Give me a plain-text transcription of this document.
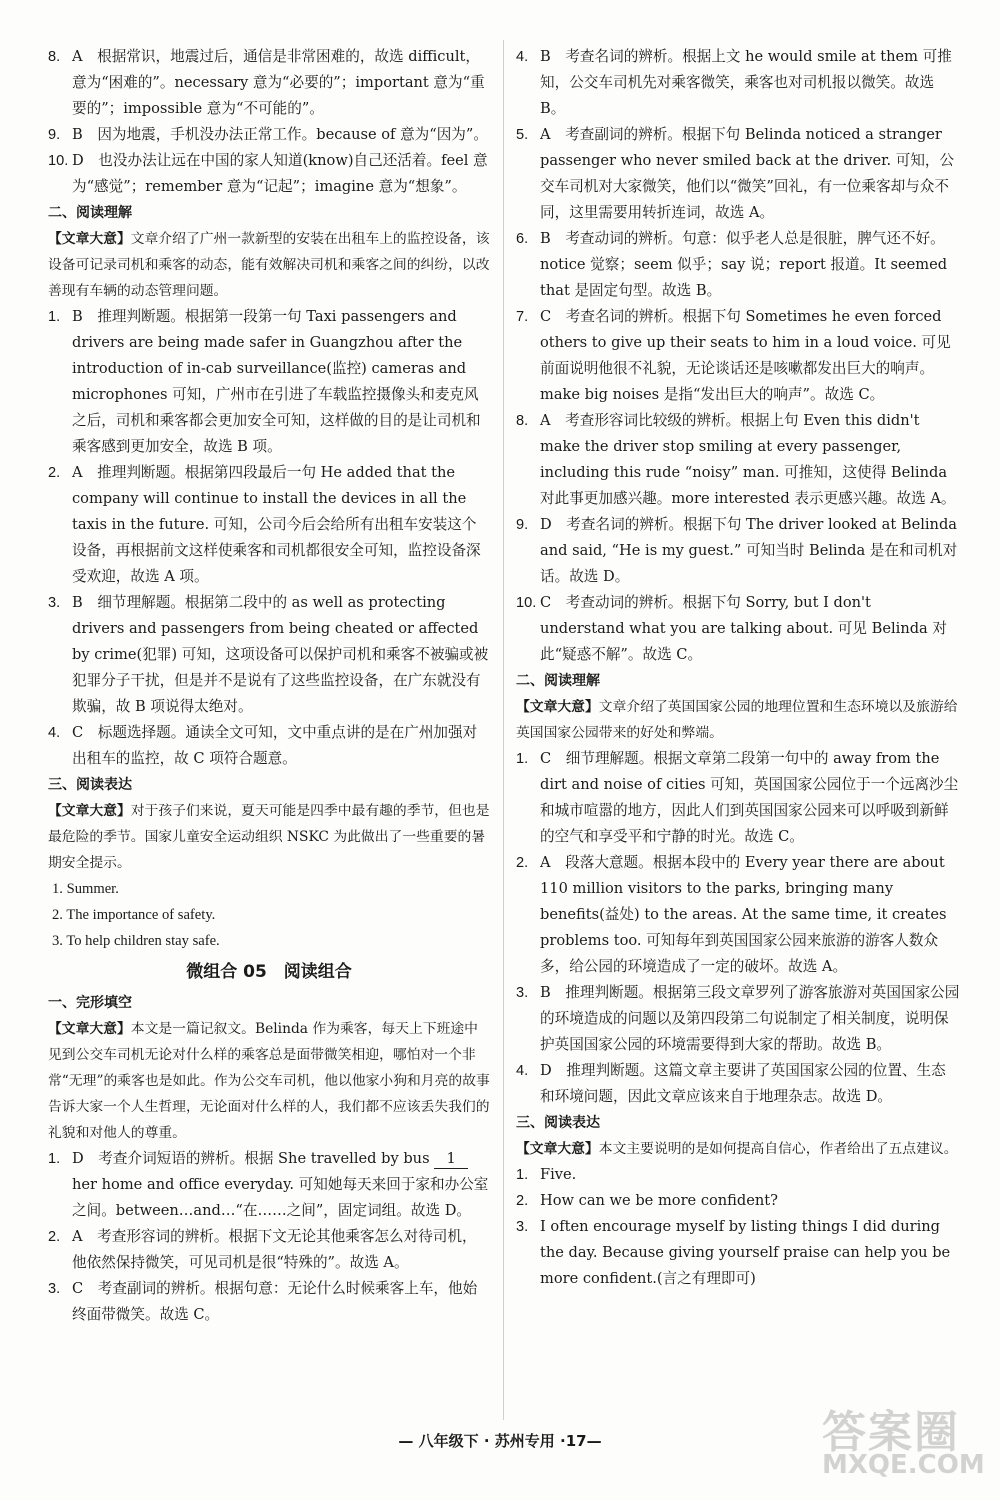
8. A　根据常识，地震过后，通信是非常困难的，故选 difficult，意为“困难的”。necessary 意为“必要的”；important 意为“重要的”；impossible 意为“不可能的”。

9. B　因为地震，手机没办法正常工作。because of 意为“因为”。

10. D　也没办法让远在中国的家人知道(know)自己还活着。feel 意为“感觉”；remember 意为“记起”；imagine 意为“想象”。

二、阅读理解

【文章大意】文章介绍了广州一款新型的安装在出租车上的监控设备，该设备可记录司机和乘客的动态，能有效解决司机和乘客之间的纠纷，以改善现有车辆的动态管理问题。

1. B　推理判断题。根据第一段第一句 Taxi passengers and drivers are being made safer in Guangzhou after the introduction of in-cab surveillance(监控) cameras and microphones 可知，广州市在引进了车载监控摄像头和麦克风之后，司机和乘客都会更加安全可知，这样做的目的是让司机和乘客感到更加安全，故选 B 项。

2. A　推理判断题。根据第四段最后一句 He added that the company will continue to install the devices in all the taxis in the future. 可知，公司今后会给所有出租车安装这个设备，再根据前文这样使乘客和司机都很安全可知，监控设备深受欢迎，故选 A 项。

3. B　细节理解题。根据第二段中的 as well as protecting drivers and passengers from being cheated or affected by crime(犯罪) 可知，这项设备可以保护司机和乘客不被骗或被犯罪分子干扰，但是并不是说有了这些监控设备，在广东就没有欺骗，故 B 项说得太绝对。

4. C　标题选择题。通读全文可知，文中重点讲的是在广州加强对出租车的监控，故 C 项符合题意。

三、阅读表达

【文章大意】对于孩子们来说，夏天可能是四季中最有趣的季节，但也是最危险的季节。国家儿童安全运动组织 NSKC 为此做出了一些重要的暑期安全提示。

1. Summer.

2. The importance of safety.

3. To help children stay safe.

微组合 05　阅读组合

一、完形填空

【文章大意】本文是一篇记叙文。Belinda 作为乘客，每天上下班途中见到公交车司机无论对什么样的乘客总是面带微笑相迎，哪怕对一个非常“无理”的乘客也是如此。作为公交车司机，他以他家小狗和月亮的故事告诉大家一个人生哲理，无论面对什么样的人，我们都不应该丢失我们的礼貌和对他人的尊重。

1. D　考查介词短语的辨析。根据 She travelled by bus 1 her home and office everyday. 可知她每天来回于家和办公室之间。between…and…“在……之间”，固定词组。故选 D。

2. A　考查形容词的辨析。根据下文无论其他乘客怎么对待司机，他依然保持微笑，可见司机是很“特殊的”。故选 A。

3. C　考查副词的辨析。根据句意：无论什么时候乘客上车，他始终面带微笑。故选 C。

4. B　考查名词的辨析。根据上文 he would smile at them 可推知，公交车司机先对乘客微笑，乘客也对司机报以微笑。故选 B。

5. A　考查副词的辨析。根据下句 Belinda noticed a stranger passenger who never smiled back at the driver. 可知，公交车司机对大家微笑，他们以“微笑”回礼，有一位乘客却与众不同，这里需要用转折连词，故选 A。

6. B　考查动词的辨析。句意：似乎老人总是很脏，脾气还不好。notice 觉察；seem 似乎；say 说；report 报道。It seemed that 是固定句型。故选 B。

7. C　考查名词的辨析。根据下句 Sometimes he even forced others to give up their seats to him in a loud voice. 可见前面说明他很不礼貌，无论谈话还是咳嗽都发出巨大的响声。make big noises 是指“发出巨大的响声”。故选 C。

8. A　考查形容词比较级的辨析。根据上句 Even this didn't make the driver stop smiling at every passenger, including this rude “noisy” man. 可推知，这使得 Belinda 对此事更加感兴趣。more interested 表示更感兴趣。故选 A。

9. D　考查名词的辨析。根据下句 The driver looked at Belinda and said, “He is my guest.” 可知当时 Belinda 是在和司机对话。故选 D。

10. C　考查动词的辨析。根据下句 Sorry, but I don't understand what you are talking about. 可见 Belinda 对此“疑惑不解”。故选 C。

二、阅读理解

【文章大意】文章介绍了英国国家公园的地理位置和生态环境以及旅游给英国国家公园带来的好处和弊端。

1. C　细节理解题。根据文章第二段第一句中的 away from the dirt and noise of cities 可知，英国国家公园位于一个远离沙尘和城市喧嚣的地方，因此人们到英国国家公园来可以呼吸到新鲜的空气和享受平和宁静的时光。故选 C。

2. A　段落大意题。根据本段中的 Every year there are about 110 million visitors to the parks, bringing many benefits(益处) to the areas. At the same time, it creates problems too. 可知每年到英国国家公园来旅游的游客人数众多，给公园的环境造成了一定的破坏。故选 A。

3. B　推理判断题。根据第三段文章罗列了游客旅游对英国国家公园的环境造成的问题以及第四段第二句说制定了相关制度，说明保护英国国家公园的环境需要得到大家的帮助。故选 B。

4. D　推理判断题。这篇文章主要讲了英国国家公园的位置、生态和环境问题，因此文章应该来自于地理杂志。故选 D。

三、阅读表达

【文章大意】本文主要说明的是如何提高自信心，作者给出了五点建议。

1. Five.

2. How can we be more confident?

3. I often encourage myself by listing things I did during the day. Because giving yourself praise can help you be more confident.(言之有理即可)

— 八年级下 · 苏州专用 ·17—	答案圈
MXQE.COM
